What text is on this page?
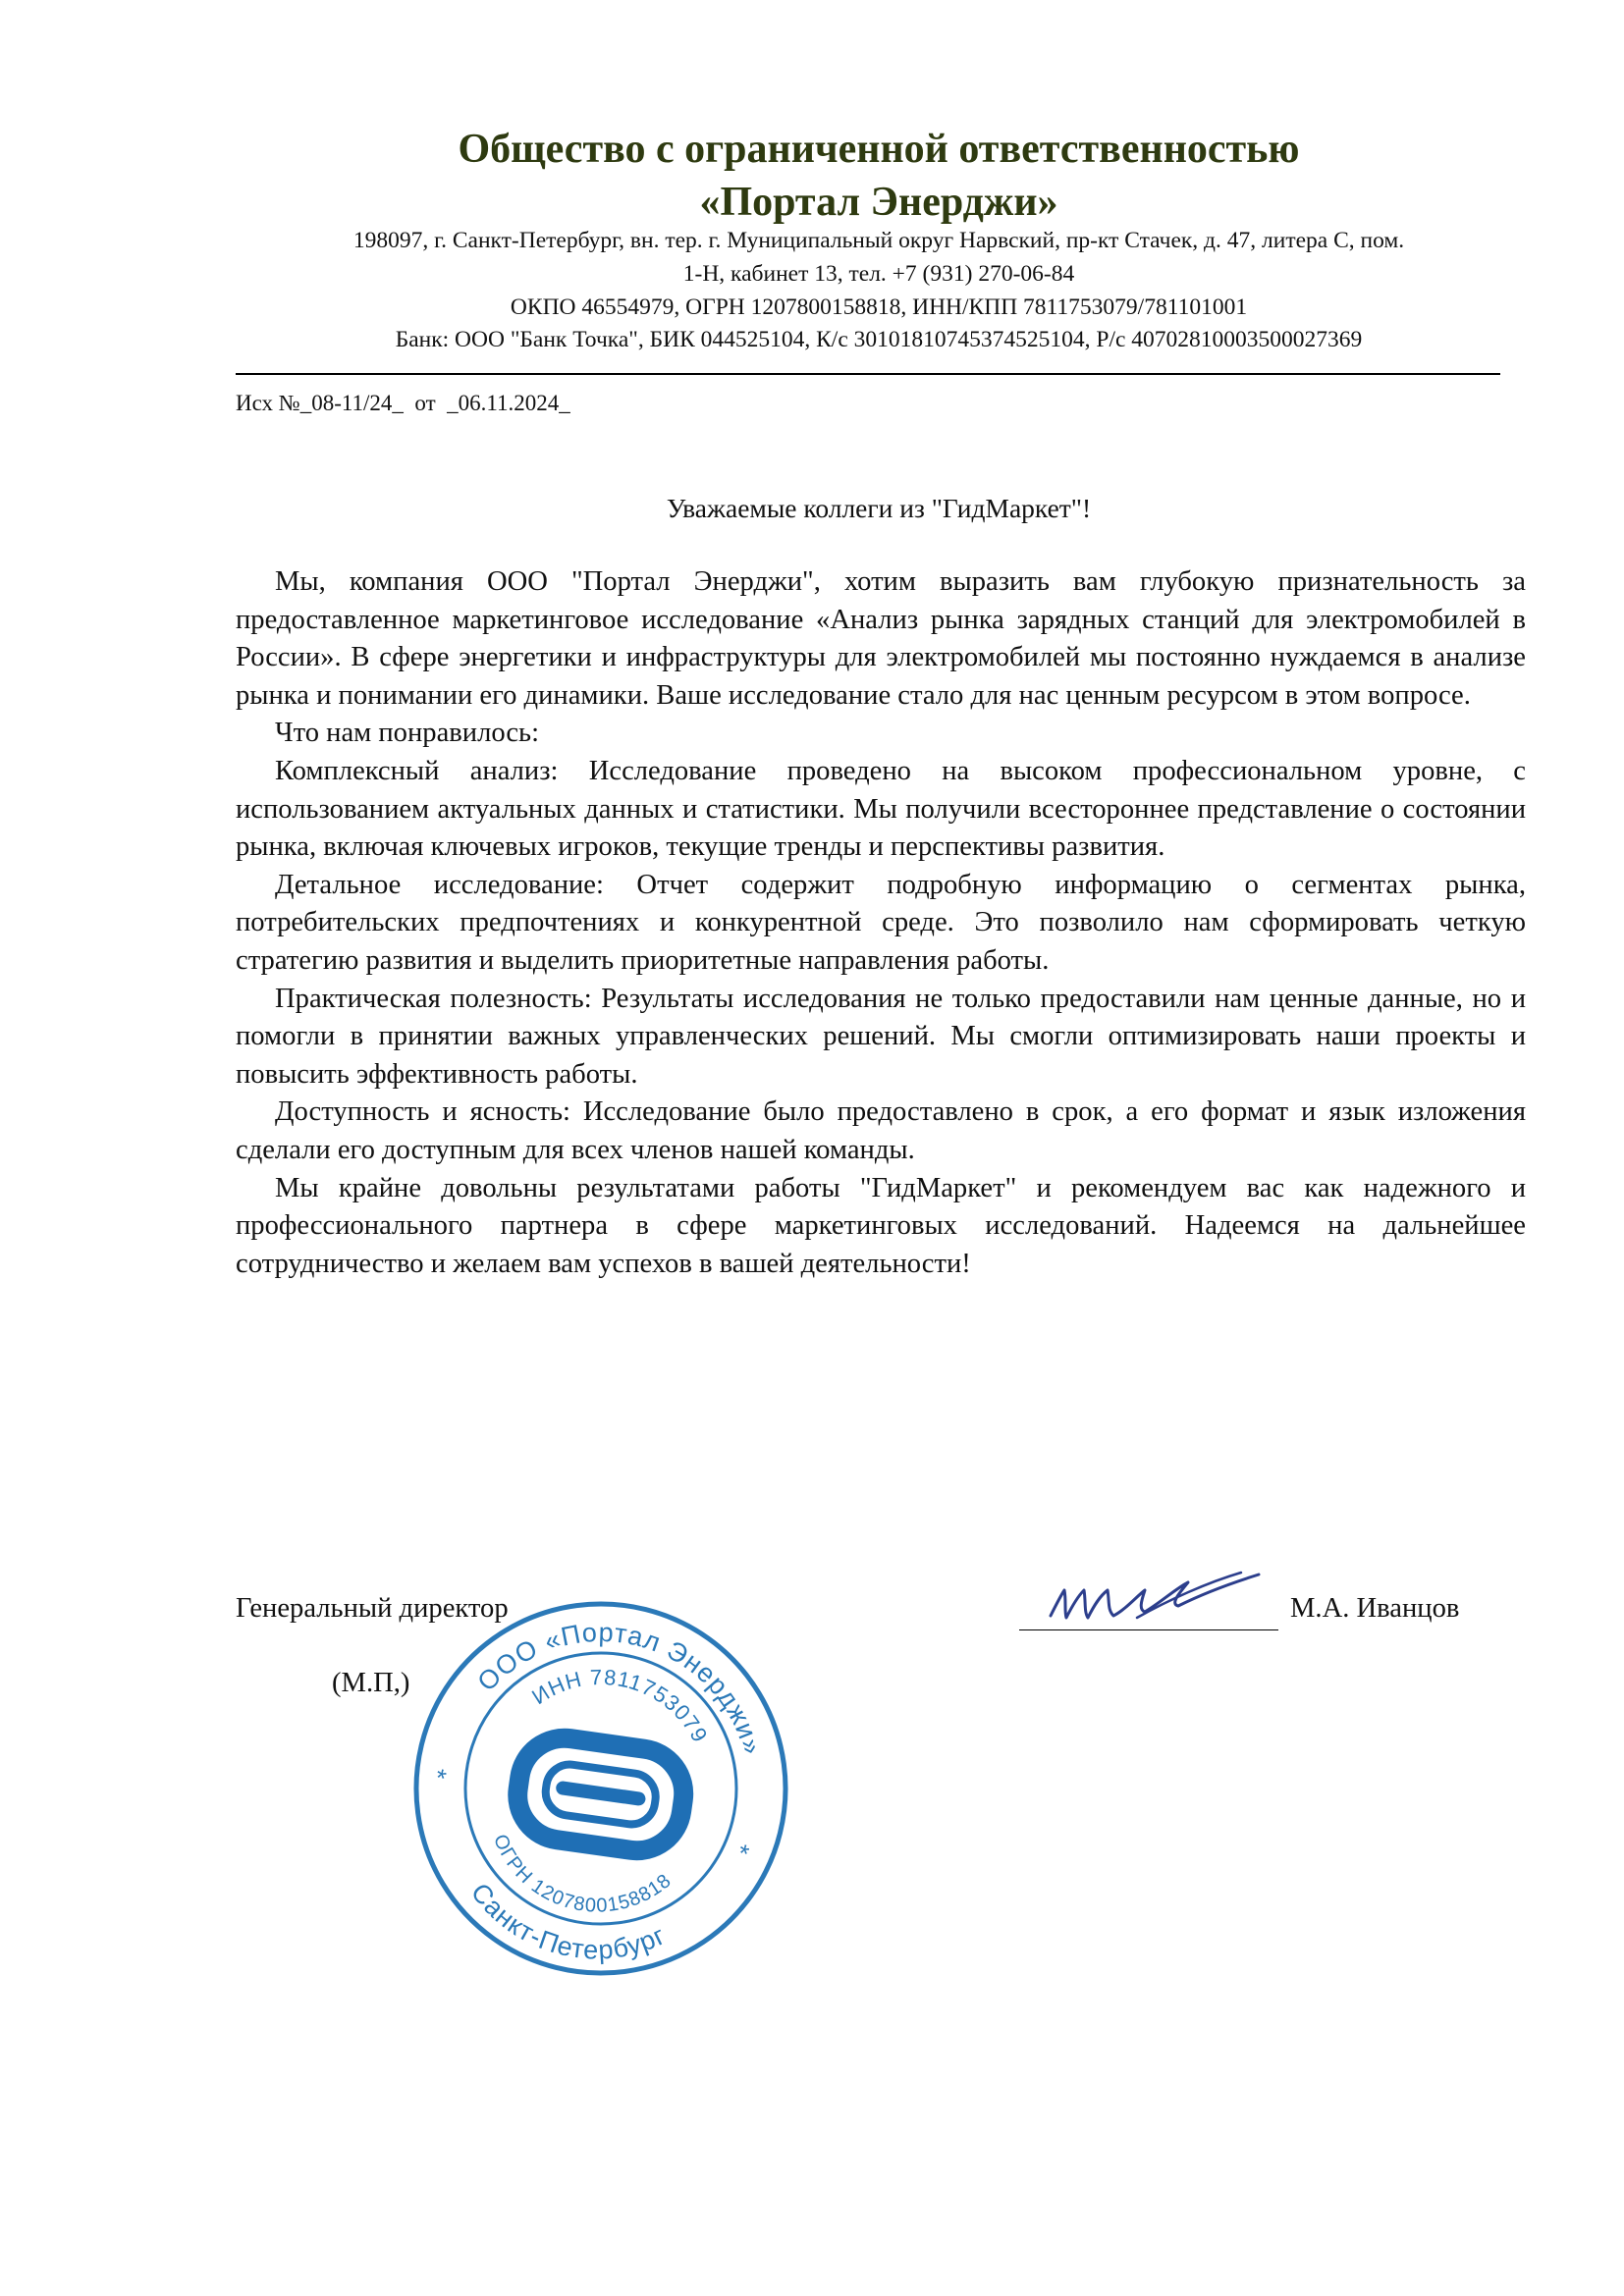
Общество с ограниченной ответственностью
«Портал Энерджи»
198097, г. Санкт-Петербург, вн. тер. г. Муниципальный округ Нарвский, пр-кт Стачек, д. 47, литера С, пом.
1-Н, кабинет 13, тел. +7 (931) 270-06-84
ОКПО 46554979, ОГРН 1207800158818, ИНН/КПП 7811753079/781101001
Банк: ООО "Банк Точка", БИК 044525104, К/с 30101810745374525104, Р/с 40702810003500027369
Исх №_08-11/24_  от  _06.11.2024_
Уважаемые коллеги из "ГидМаркет"!

Мы, компания ООО "Портал Энерджи", хотим выразить вам глубокую признательность за предоставленное маркетинговое исследование «Анализ рынка зарядных станций для электромобилей в России». В сфере энергетики и инфраструктуры для электромобилей мы постоянно нуждаемся в анализе рынка и понимании его динамики. Ваше исследование стало для нас ценным ресурсом в этом вопросе.

Что нам понравилось:

Комплексный анализ: Исследование проведено на высоком профессиональном уровне, с использованием актуальных данных и статистики. Мы получили всестороннее представление о состоянии рынка, включая ключевых игроков, текущие тренды и перспективы развития.

Детальное исследование: Отчет содержит подробную информацию о сегментах рынка, потребительских предпочтениях и конкурентной среде. Это позволило нам сформировать четкую стратегию развития и выделить приоритетные направления работы.

Практическая полезность: Результаты исследования не только предоставили нам ценные данные, но и помогли в принятии важных управленческих решений. Мы смогли оптимизировать наши проекты и повысить эффективность работы.

Доступность и ясность: Исследование было предоставлено в срок, а его формат и язык изложения сделали его доступным для всех членов нашей команды.

Мы крайне довольны результатами работы "ГидМаркет" и рекомендуем вас как надежного и профессионального партнера в сфере маркетинговых исследований. Надеемся на дальнейшее сотрудничество и желаем вам успехов в вашей деятельности!

Генеральный директор	М.А. Иванцов
(М.П,) ООО «Портал Энерджи»
ИНН 7811753079
ОГРН 1207800158818
Санкт-Петербург
*
*
